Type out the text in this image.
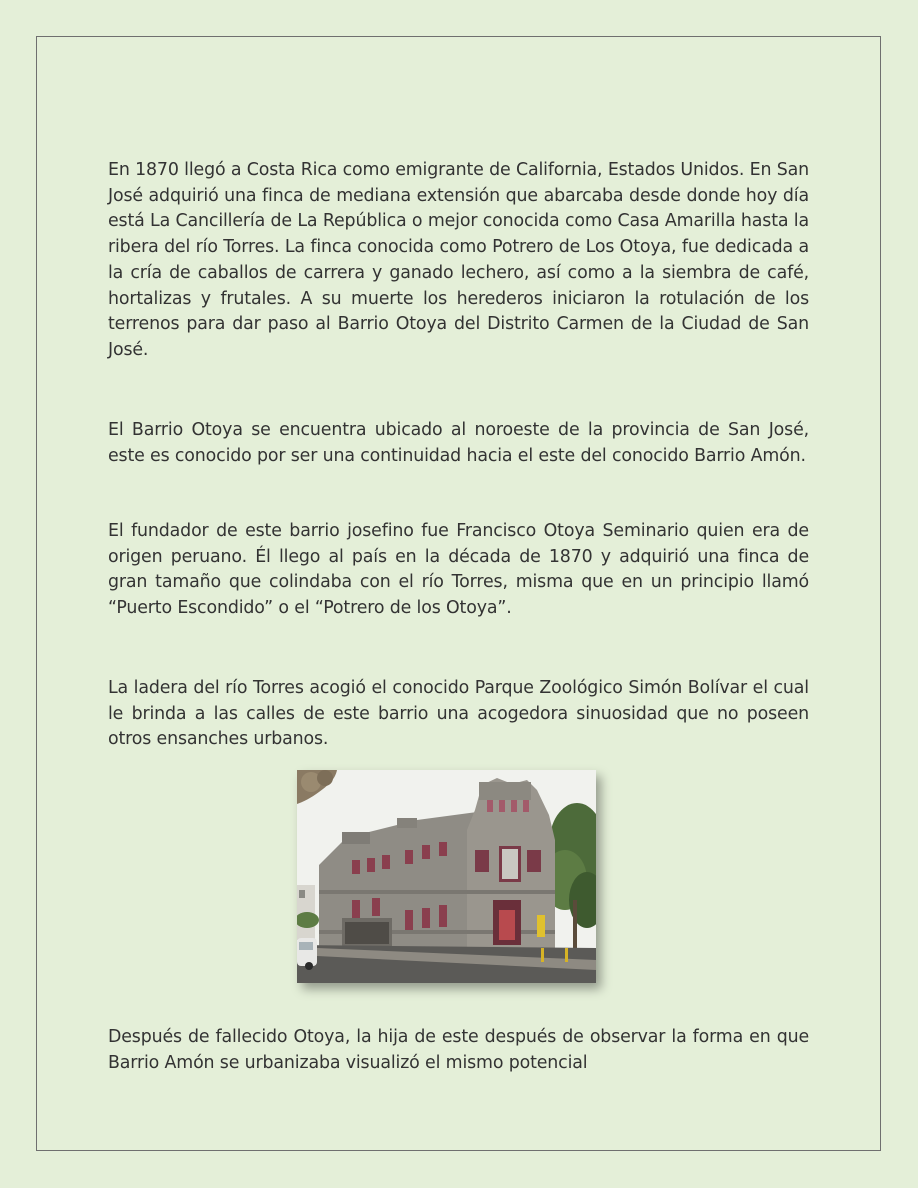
En 1870 llegó a Costa Rica como emigrante de California, Estados Unidos. En San José adquirió una finca de mediana extensión que abarcaba desde donde hoy día está La Cancillería de La República o mejor conocida como Casa Amarilla hasta la ribera del río Torres. La finca conocida como Potrero de Los Otoya, fue dedicada a la cría de caballos de carrera y ganado lechero, así como a la siembra de café, hortalizas y frutales. A su muerte los herederos iniciaron la rotulación de los terrenos para dar paso al Barrio Otoya del Distrito Carmen de la Ciudad de San José.

El Barrio Otoya se encuentra ubicado al noroeste de la provincia de San José, este es conocido por ser una continuidad hacia el este del conocido Barrio Amón.

El fundador de este barrio josefino fue Francisco Otoya Seminario quien era de origen peruano. Él llego al país en la década de 1870 y adquirió una finca de gran tamaño que colindaba con el río Torres, misma que en un principio llamó “Puerto Escondido” o el “Potrero de los Otoya”.

La ladera del río Torres acogió el conocido Parque Zoológico Simón Bolívar el cual le brinda a las calles de este barrio una acogedora sinuosidad que no poseen otros ensanches urbanos.

Después de fallecido Otoya, la hija de este después de observar la forma en que Barrio Amón se urbanizaba visualizó el mismo potencial
